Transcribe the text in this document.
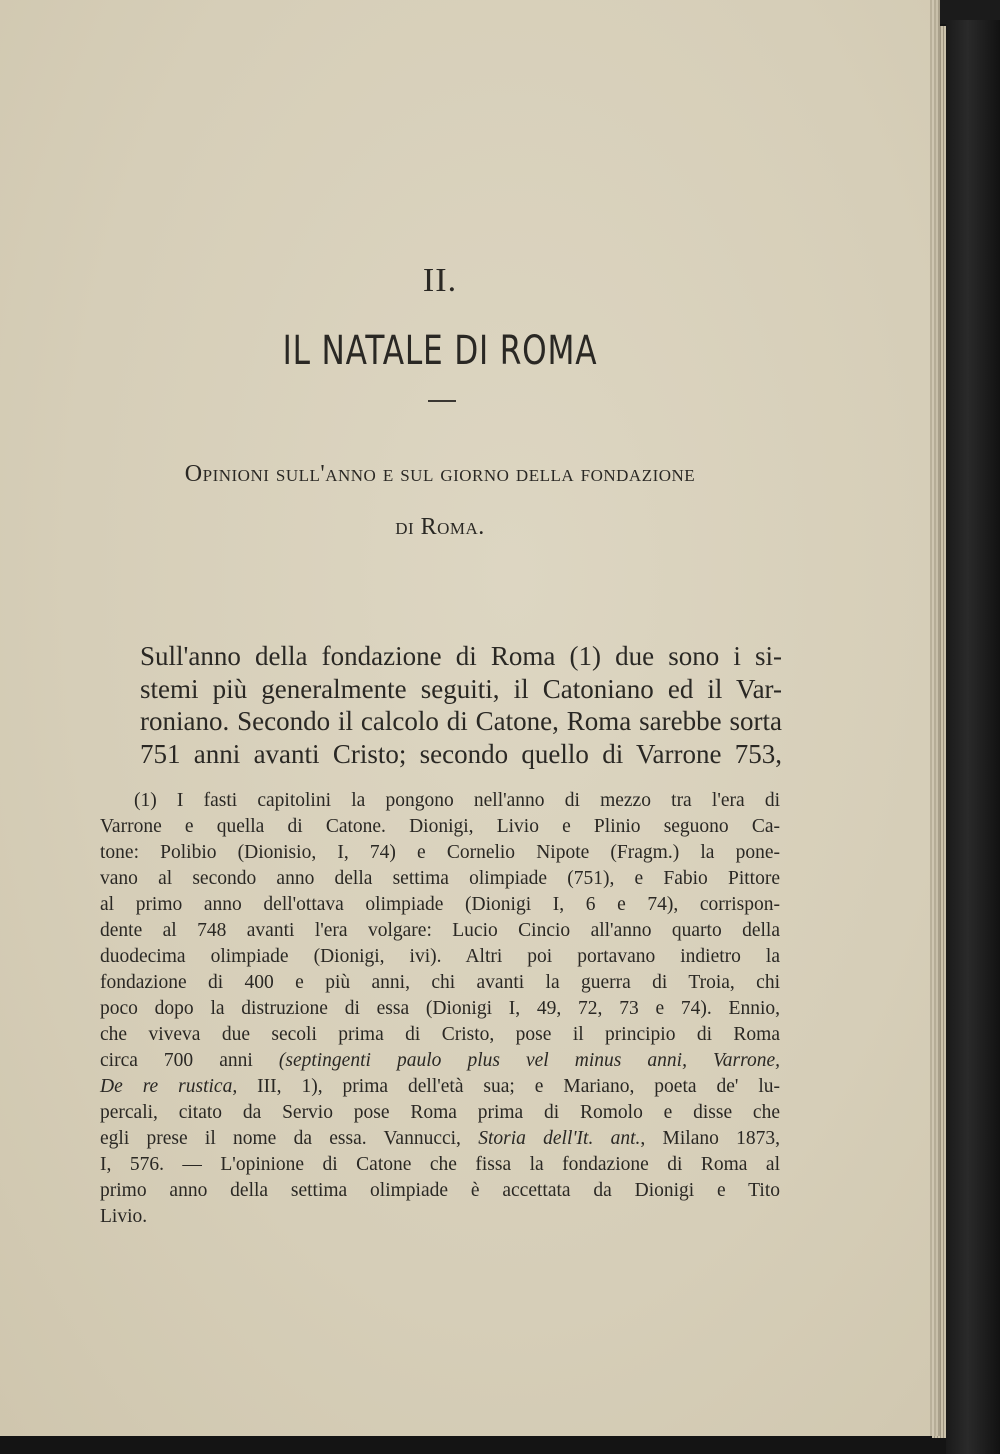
II.
IL NATALE DI ROMA
Opinioni sull'anno e sul giorno della fondazione
di Roma.
Sull'anno della fondazione di Roma (1) due sono i si-
stemi più generalmente seguiti, il Catoniano ed il Var-
roniano. Secondo il calcolo di Catone, Roma sarebbe sorta
751 anni avanti Cristo; secondo quello di Varrone 753,
(1) I fasti capitolini la pongono nell'anno di mezzo tra l'era di
Varrone e quella di Catone. Dionigi, Livio e Plinio seguono Ca-
tone: Polibio (Dionisio, I, 74) e Cornelio Nipote (Fragm.) la pone-
vano al secondo anno della settima olimpiade (751), e Fabio Pittore
al primo anno dell'ottava olimpiade (Dionigi I, 6 e 74), corrispon-
dente al 748 avanti l'era volgare: Lucio Cincio all'anno quarto della
duodecima olimpiade (Dionigi, ivi). Altri poi portavano indietro la
fondazione di 400 e più anni, chi avanti la guerra di Troia, chi
poco dopo la distruzione di essa (Dionigi I, 49, 72, 73 e 74). Ennio,
che viveva due secoli prima di Cristo, pose il principio di Roma
circa 700 anni (septingenti paulo plus vel minus anni, Varrone,
De re rustica, III, 1), prima dell'età sua; e Mariano, poeta de' lu-
percali, citato da Servio pose Roma prima di Romolo e disse che
egli prese il nome da essa. Vannucci, Storia dell'It. ant., Milano 1873,
I, 576. — L'opinione di Catone che fissa la fondazione di Roma al
primo anno della settima olimpiade è accettata da Dionigi e Tito
Livio.
